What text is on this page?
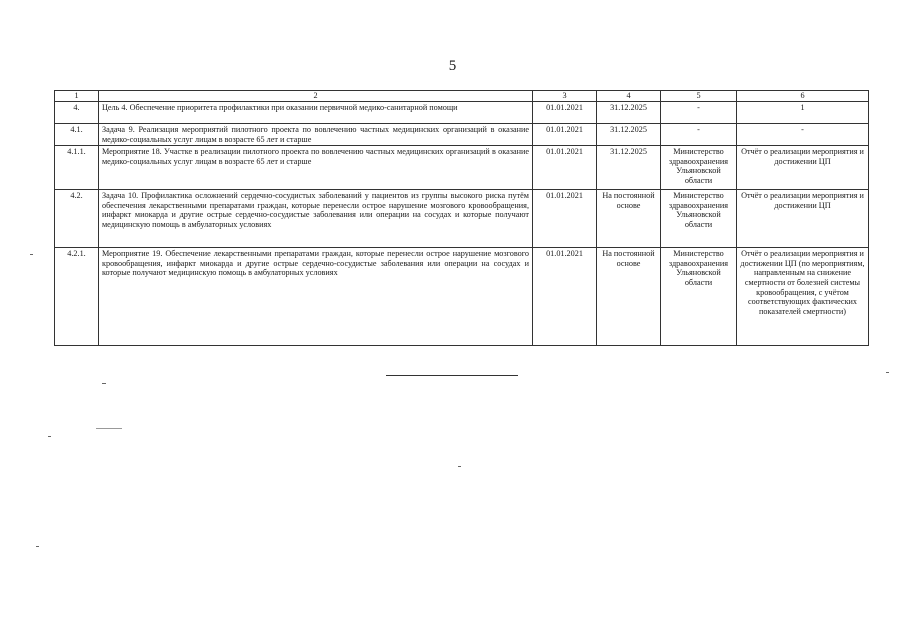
5
1	2	3	4	5	6
4.	Цель 4. Обеспечение приоритета профилактики при оказании первичной медико-санитарной помощи	01.01.2021	31.12.2025	-	1
4.1.	Задача 9. Реализация мероприятий пилотного проекта по вовлечению частных медицинских организаций в оказание медико-социальных услуг лицам в возрасте 65 лет и старше	01.01.2021	31.12.2025	-	-
4.1.1.	Мероприятие 18. Участке в реализации пилотного проекта по вовлечению частных медицинских организаций в оказание медико-социальных услуг лицам в возрасте 65 лет и старше	01.01.2021	31.12.2025	Министерство здравоохранения Ульяновской области	Отчёт о реализации мероприятия и достижении ЦП
4.2.	Задача 10. Профилактика осложнений сердечно-сосудистых заболеваний у пациентов из группы высокого риска путём обеспечения лекарственными препаратами граждан, которые перенесли острое нарушение мозгового кровообращения, инфаркт миокарда и другие острые сердечно-сосудистые заболевания или операции на сосудах и которые получают медицинскую помощь в амбулаторных условиях	01.01.2021	На постоянной основе	Министерство здравоохранения Ульяновской области	Отчёт о реализации мероприятия и достижении ЦП
4.2.1.	Мероприятие 19. Обеспечение лекарственными препаратами граждан, которые перенесли острое нарушение мозгового кровообращения, инфаркт миокарда и другие острые сердечно-сосудистые заболевания или операции на сосудах и которые получают медицинскую помощь в амбулаторных условиях	01.01.2021	На постоянной основе	Министерство здравоохранения Ульяновской области	Отчёт о реализации мероприятия и достижении ЦП (по мероприятиям, направленным на снижение смертности от болезней системы кровообращения, с учётом соответствующих фактических показателей смертности)
